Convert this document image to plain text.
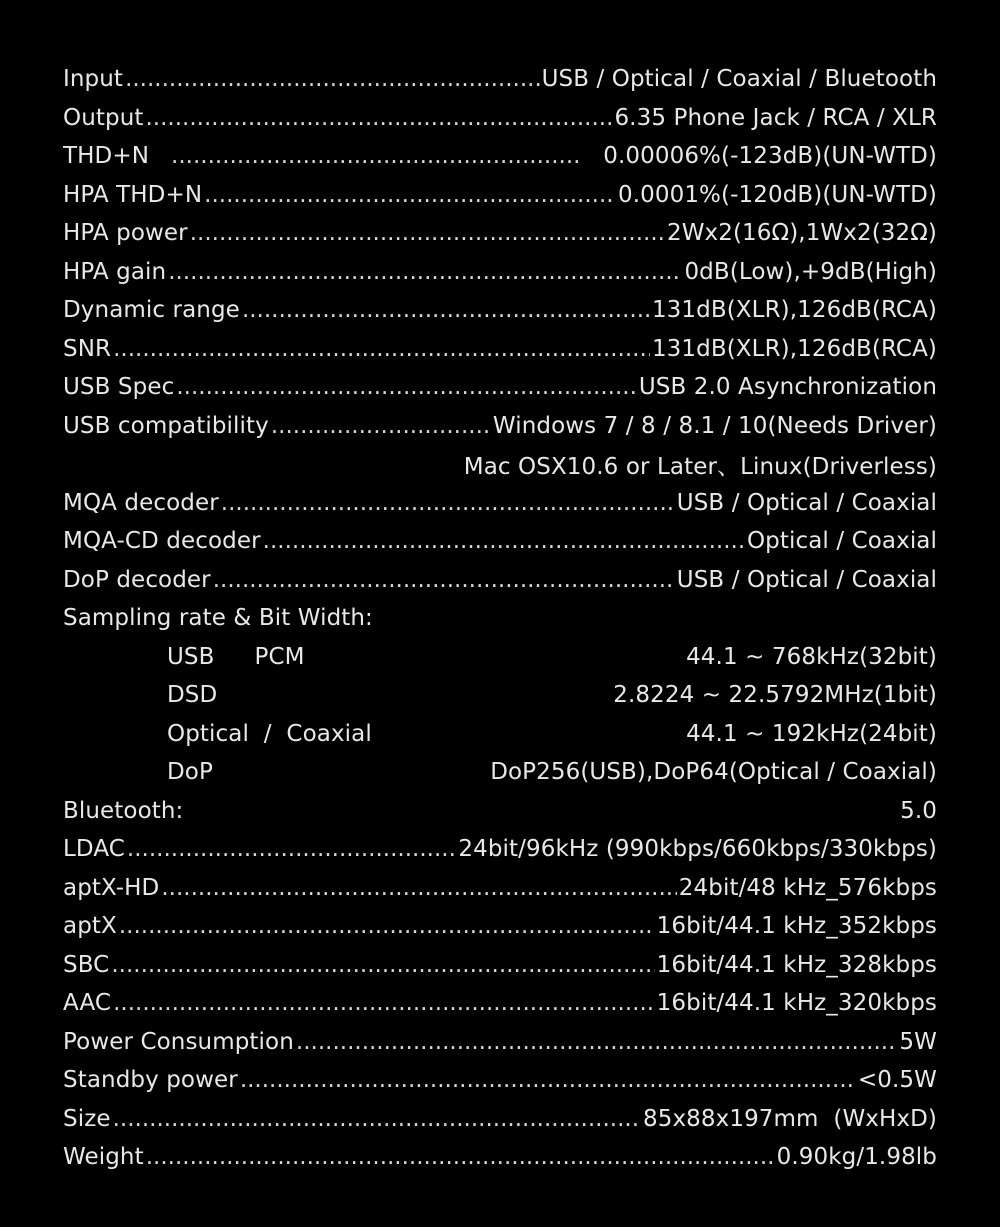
Input .....	USB / Optical / Coaxial / Bluetooth
Output .....	6.35 Phone Jack / RCA / XLR
THD+N .....	0.00006%(-123dB)(UN-WTD)
HPA THD+N .....	0.0001%(-120dB)(UN-WTD)
HPA power .....	2Wx2(16Ω),1Wx2(32Ω)
HPA gain .....	0dB(Low),+9dB(High)
Dynamic range .....	131dB(XLR),126dB(RCA)
SNR .....	131dB(XLR),126dB(RCA)
USB Spec .....	USB 2.0 Asynchronization
USB compatibility .....	Windows 7 / 8 / 8.1 / 10(Needs Driver)
Mac OSX10.6 or Later、Linux(Driverless)
MQA decoder .....	USB / Optical / Coaxial
MQA-CD decoder .....	Optical / Coaxial
DoP decoder .....	USB / Optical / Coaxial
Sampling rate & Bit Width:
USB PCM	44.1 ~ 768kHz(32bit)
DSD	2.8224 ~ 22.5792MHz(1bit)
Optical  /  Coaxial	44.1 ~ 192kHz(24bit)
DoP	DoP256(USB),DoP64(Optical / Coaxial)
Bluetooth:	5.0
LDAC .....	24bit/96kHz (990kbps/660kbps/330kbps)
aptX-HD .....	24bit/48 kHz_576kbps
aptX .....	16bit/44.1 kHz_352kbps
SBC .....	16bit/44.1 kHz_328kbps
AAC .....	16bit/44.1 kHz_320kbps
Power Consumption .....	5W
Standby power .....	<0.5W
Size .....	85x88x197mm  (WxHxD)
Weight .....	0.90kg/1.98lb
